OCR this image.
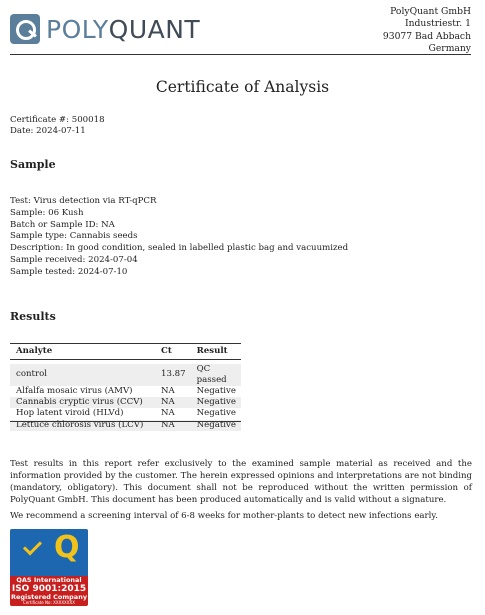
POLYQUANT
PolyQuant GmbH
Industriestr. 1
93077 Bad Abbach
Germany
Certificate of Analysis
Certificate #: 500018
Date: 2024-07-11
Sample
Test: Virus detection via RT-qPCR
Sample: 06 Kush
Batch or Sample ID: NA
Sample type: Cannabis seeds
Description: In good condition, sealed in labelled plastic bag and vacuumized
Sample received: 2024-07-04
Sample tested: 2024-07-10
Results
Analyte	Ct	Result

control	13.87	QC passed
Alfalfa mosaic virus (AMV)	NA	Negative
Cannabis cryptic virus (CCV)	NA	Negative
Hop latent viroid (HLVd)	NA	Negative
Lettuce chlorosis virus (LCV)	NA	Negative
Test results in this report refer exclusively to the examined sample material as received and the information provided by the customer. The herein expressed opinions and interpretations are not binding (mandatory, obligatory). This document shall not be reproduced without the written permission of PolyQuant GmbH. This document has been produced automatically and is valid without a signature.
We recommend a screening interval of 6-8 weeks for mother-plants to detect new infections early.
Q
QAS International
ISO 9001:2015
Registered Company
Certificate No: XXXXXXXX
